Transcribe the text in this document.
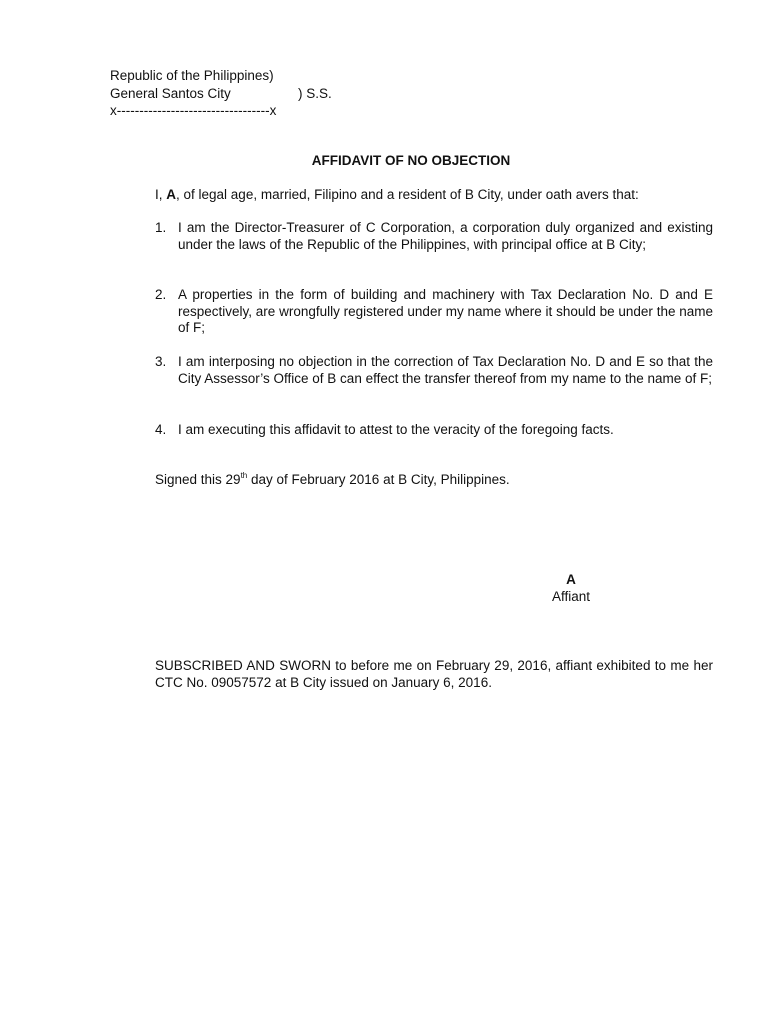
Republic of the Philippines)
General Santos City	) S.S.
x----------------------------------x
AFFIDAVIT OF NO OBJECTION
I, A, of legal age, married, Filipino and a resident of B City, under oath avers that:
1. I am the Director-Treasurer of C Corporation, a corporation duly organized and existing under the laws of the Republic of the Philippines, with principal office at B City;
2. A properties in the form of building and machinery with Tax Declaration No. D and E respectively, are wrongfully registered under my name where it should be under the name of F;
3. I am interposing no objection in the correction of Tax Declaration No. D and E so that the City Assessor’s Office of B can effect the transfer thereof from my name to the name of F;
4. I am executing this affidavit to attest to the veracity of the foregoing facts.
Signed this 29th day of February 2016 at B City, Philippines.
A
Affiant
SUBSCRIBED AND SWORN to before me on February 29, 2016, affiant exhibited to me her CTC No. 09057572 at B City issued on January 6, 2016.
